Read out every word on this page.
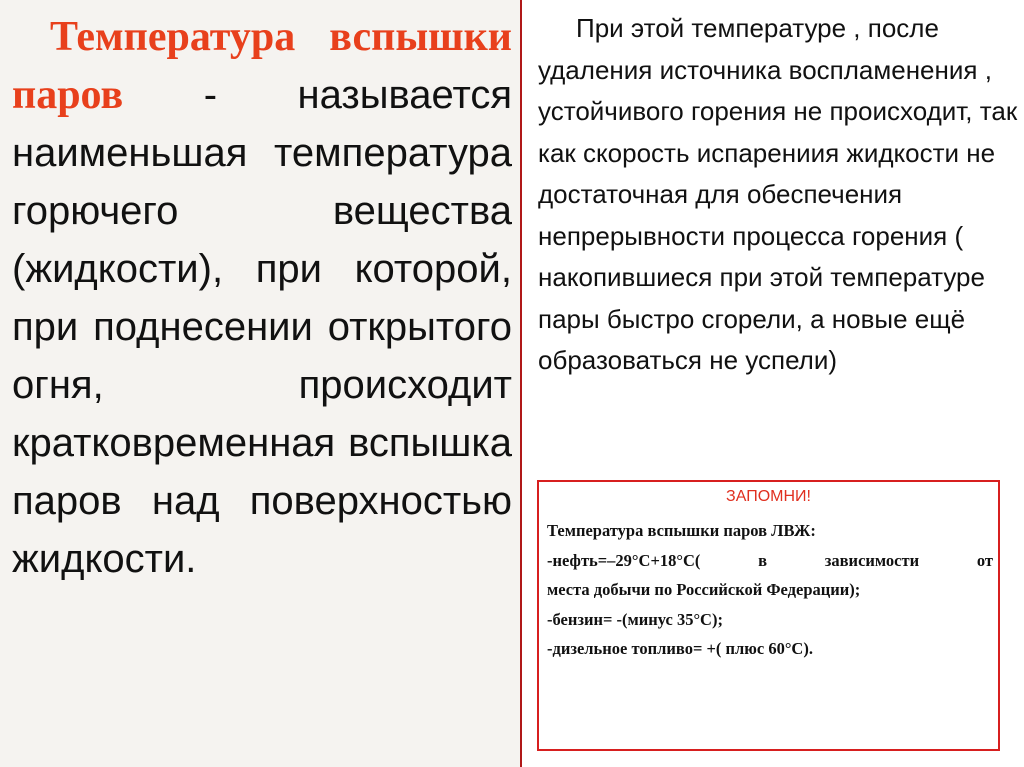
Температура вспышки паров - называется наименьшая температура горючего вещества (жидкости), при которой, при поднесении открытого огня, происходит кратковременная вспышка паров над поверхностью жидкости.
При этой температуре , после удаления источника воспламенения , устойчивого горения не происходит, так как скорость испарениия жидкости не достаточная для обеспечения непрерывности процесса горения ( накопившиеся при этой температуре пары быстро сгорели, а новые ещё образоваться не успели)
ЗАПОМНИ!
Температура вспышки паров ЛВЖ:
-нефть=–29°С+18°С( в зависимости от
места добычи по Российской Федерации);
-бензин= -(минус 35°С);
-дизельное топливо= +( плюс 60°С).
